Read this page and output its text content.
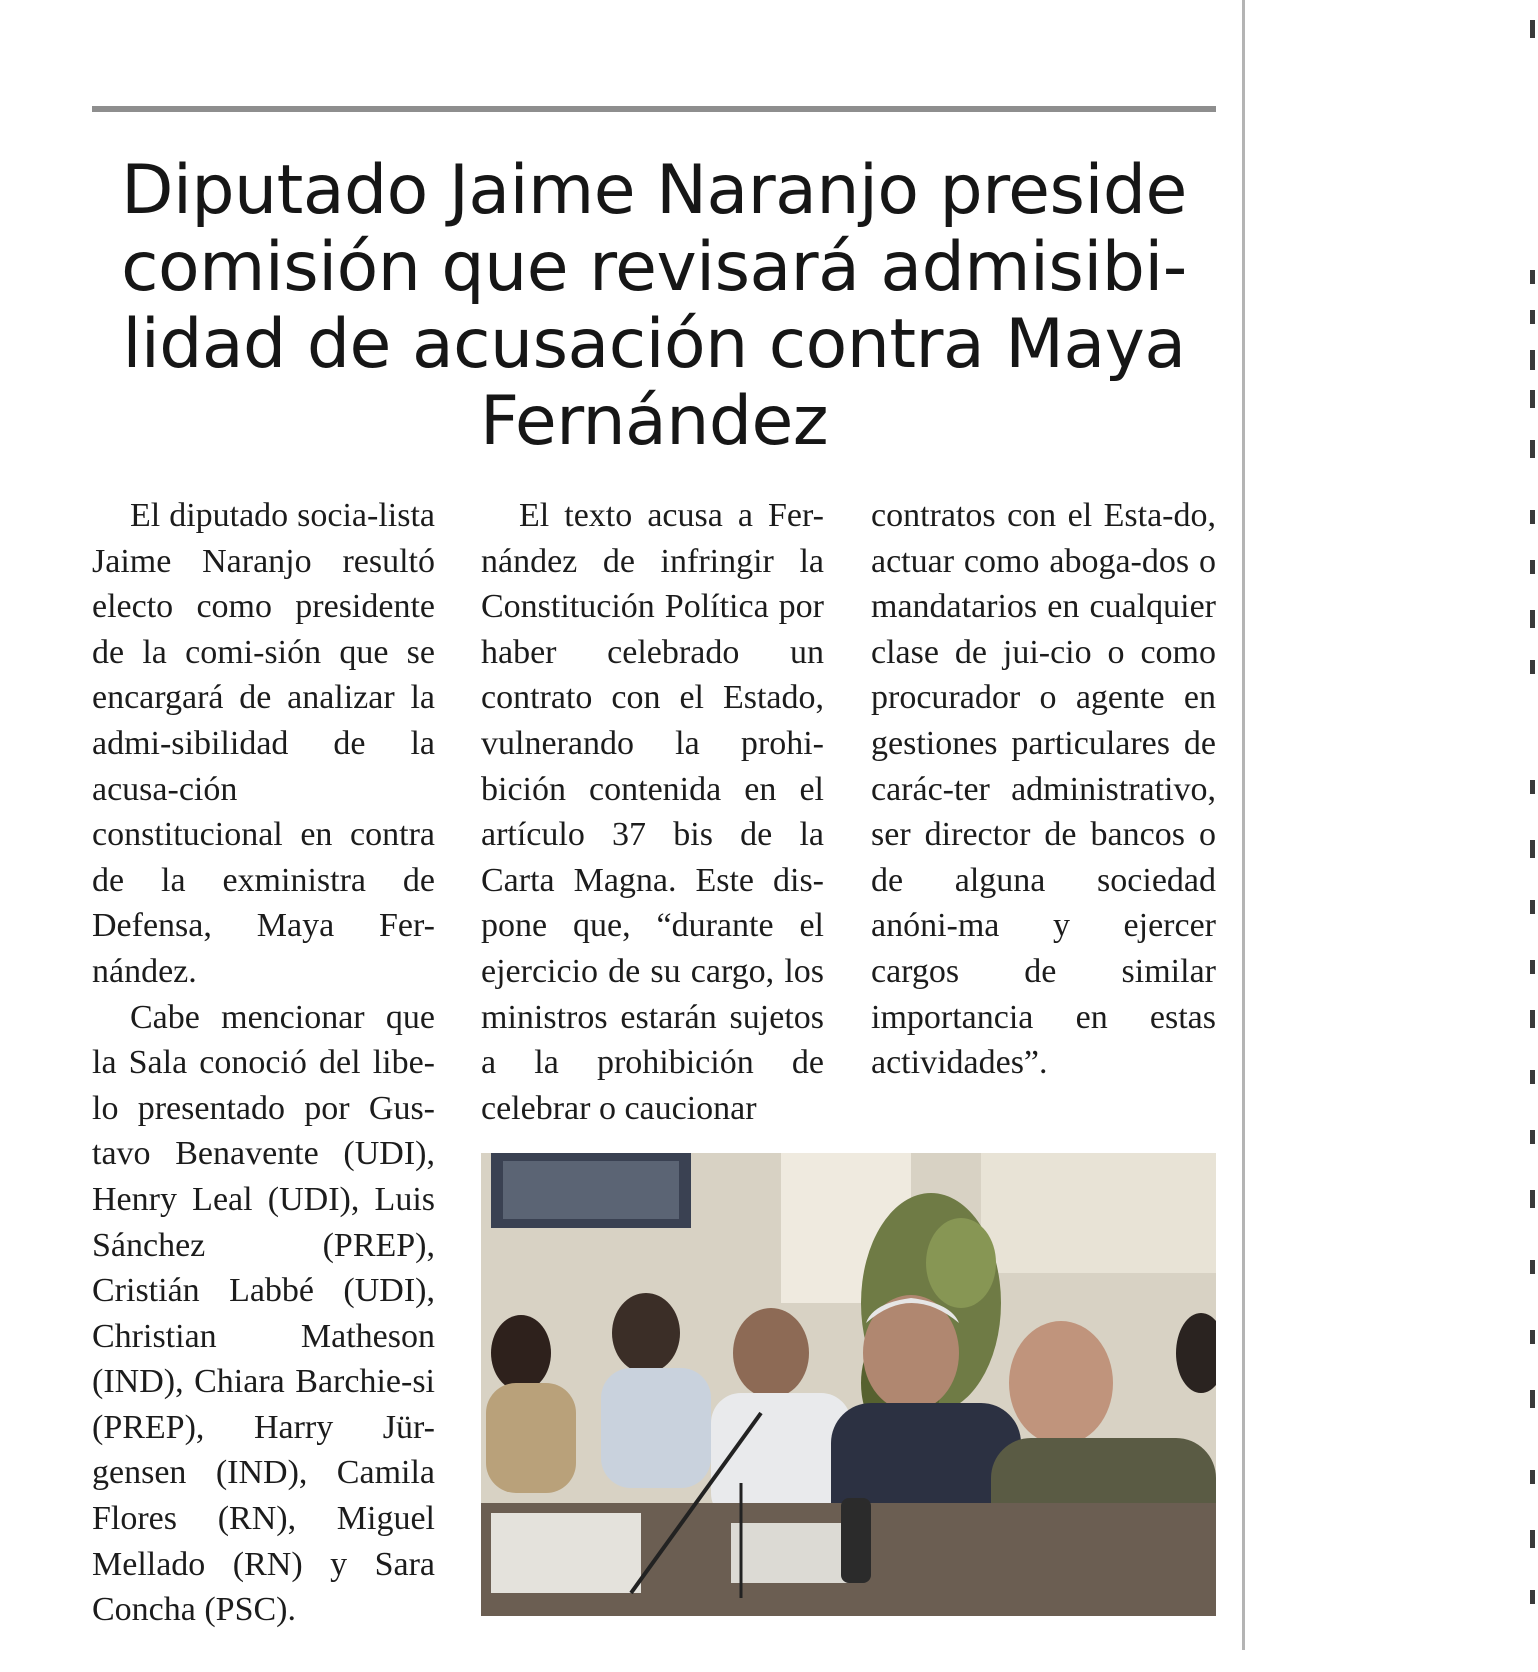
Diputado Jaime Naranjo preside comisión que revisará admisibi-lidad de acusación contra Maya Fernández

El diputado socia-lista Jaime Naranjo resultó electo como presidente de la comi-sión que se encargará de analizar la admi-sibilidad de la acusa-ción constitucional en contra de la exministra de Defensa, Maya Fer-nández.

Cabe mencionar que la Sala conoció del libe-lo presentado por Gus-tavo Benavente (UDI), Henry Leal (UDI), Luis Sánchez (PREP), Cristián Labbé (UDI), Christian Matheson (IND), Chiara Barchie-si (PREP), Harry Jür-gensen (IND), Camila Flores (RN), Miguel Mellado (RN) y Sara Concha (PSC).

El texto acusa a Fer-nández de infringir la Constitución Política por haber celebrado un contrato con el Estado, vulnerando la prohi-bición contenida en el artículo 37 bis de la Carta Magna. Este dis-pone que, “durante el ejercicio de su cargo, los ministros estarán sujetos a la prohibición de celebrar o caucionar

contratos con el Esta-do, actuar como aboga-dos o mandatarios en cualquier clase de jui-cio o como procurador o agente en gestiones particulares de carác-ter administrativo, ser director de bancos o de alguna sociedad anóni-ma y ejercer cargos de similar importancia en estas actividades”.
